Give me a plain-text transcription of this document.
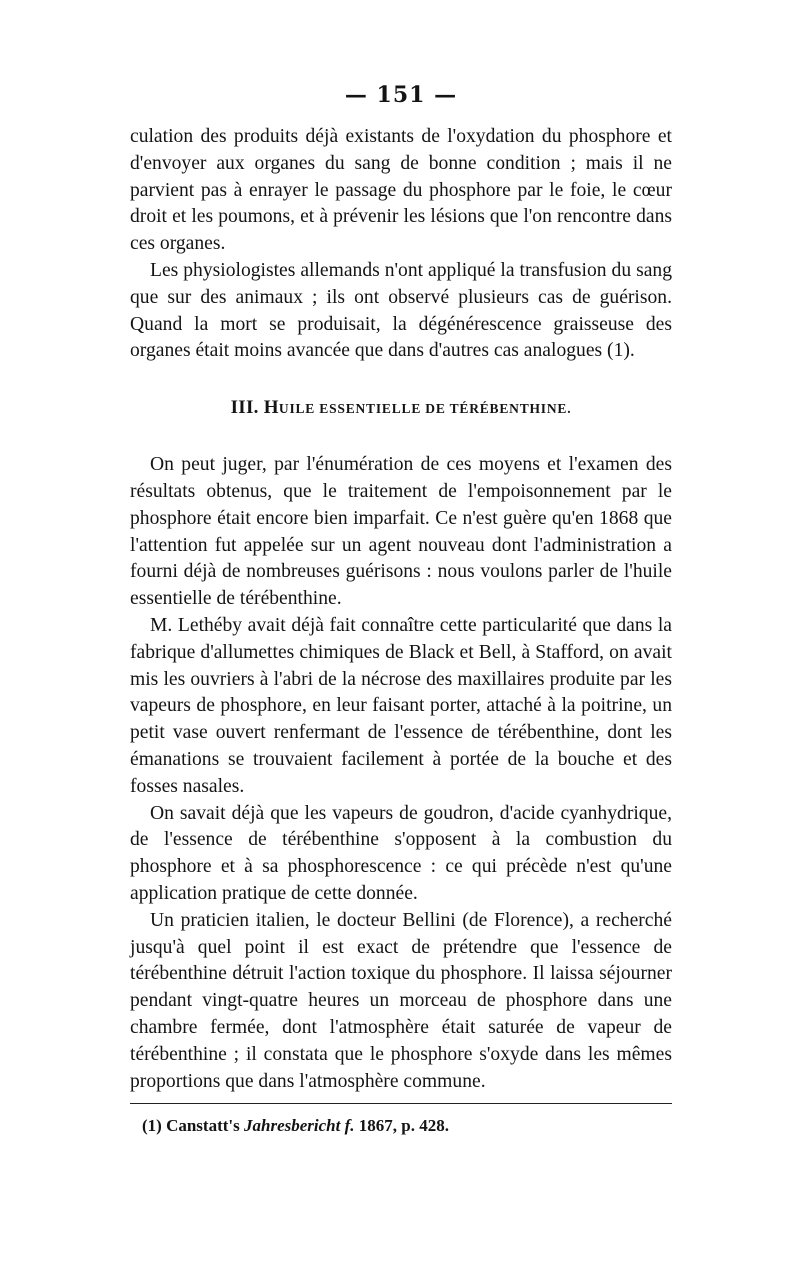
— 151 —

culation des produits déjà existants de l'oxydation du phosphore et d'envoyer aux organes du sang de bonne condition ; mais il ne parvient pas à enrayer le passage du phosphore par le foie, le cœur droit et les poumons, et à prévenir les lésions que l'on rencontre dans ces organes.

Les physiologistes allemands n'ont appliqué la transfusion du sang que sur des animaux ; ils ont observé plusieurs cas de guérison. Quand la mort se produisait, la dégénérescence graisseuse des organes était moins avancée que dans d'autres cas analogues (1).

III. HUILE ESSENTIELLE DE TÉRÉBENTHINE.

On peut juger, par l'énumération de ces moyens et l'examen des résultats obtenus, que le traitement de l'empoisonnement par le phosphore était encore bien imparfait. Ce n'est guère qu'en 1868 que l'attention fut appelée sur un agent nouveau dont l'administration a fourni déjà de nombreuses guérisons : nous voulons parler de l'huile essentielle de térébenthine.

M. Lethéby avait déjà fait connaître cette particularité que dans la fabrique d'allumettes chimiques de Black et Bell, à Stafford, on avait mis les ouvriers à l'abri de la nécrose des maxillaires produite par les vapeurs de phosphore, en leur faisant porter, attaché à la poitrine, un petit vase ouvert renfermant de l'essence de térébenthine, dont les émanations se trouvaient facilement à portée de la bouche et des fosses nasales.

On savait déjà que les vapeurs de goudron, d'acide cyanhydrique, de l'essence de térébenthine s'opposent à la combustion du phosphore et à sa phosphorescence : ce qui précède n'est qu'une application pratique de cette donnée.

Un praticien italien, le docteur Bellini (de Florence), a recherché jusqu'à quel point il est exact de prétendre que l'essence de térébenthine détruit l'action toxique du phosphore. Il laissa séjourner pendant vingt-quatre heures un morceau de phosphore dans une chambre fermée, dont l'atmosphère était saturée de vapeur de térébenthine ; il constata que le phosphore s'oxyde dans les mêmes proportions que dans l'atmosphère commune.

(1) Canstatt's Jahresbericht f. 1867, p. 428.
